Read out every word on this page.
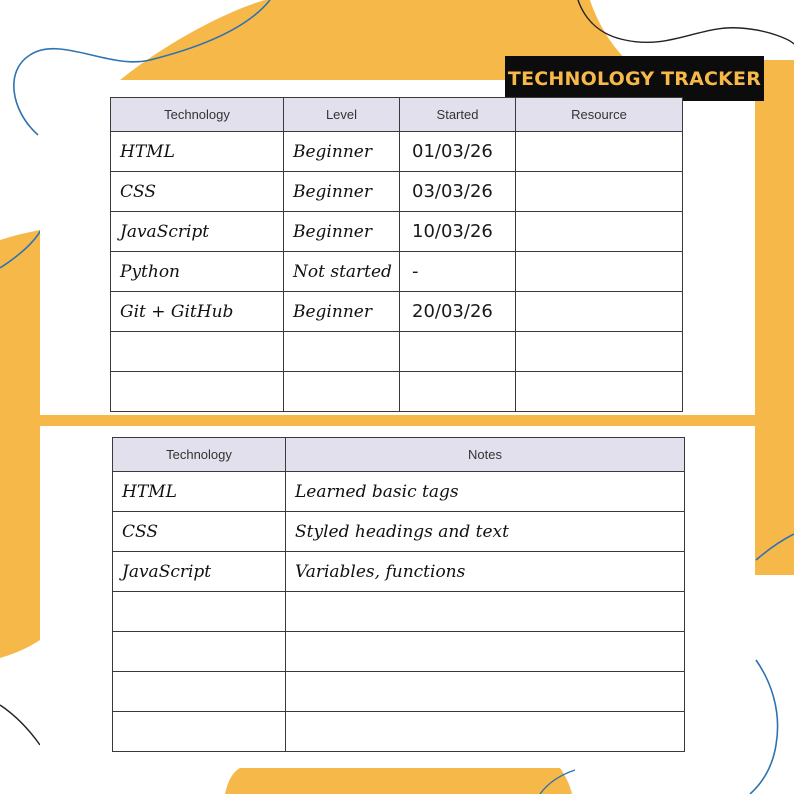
TECHNOLOGY TRACKER
Technology	Level	Started	Resource
HTML	Beginner	01/03/26	
CSS	Beginner	03/03/26	
JavaScript	Beginner	10/03/26	
Python	Not started	-	
Git + GitHub	Beginner	20/03/26	

Technology	Notes
HTML	Learned basic tags
CSS	Styled headings and text
JavaScript	Variables, functions
